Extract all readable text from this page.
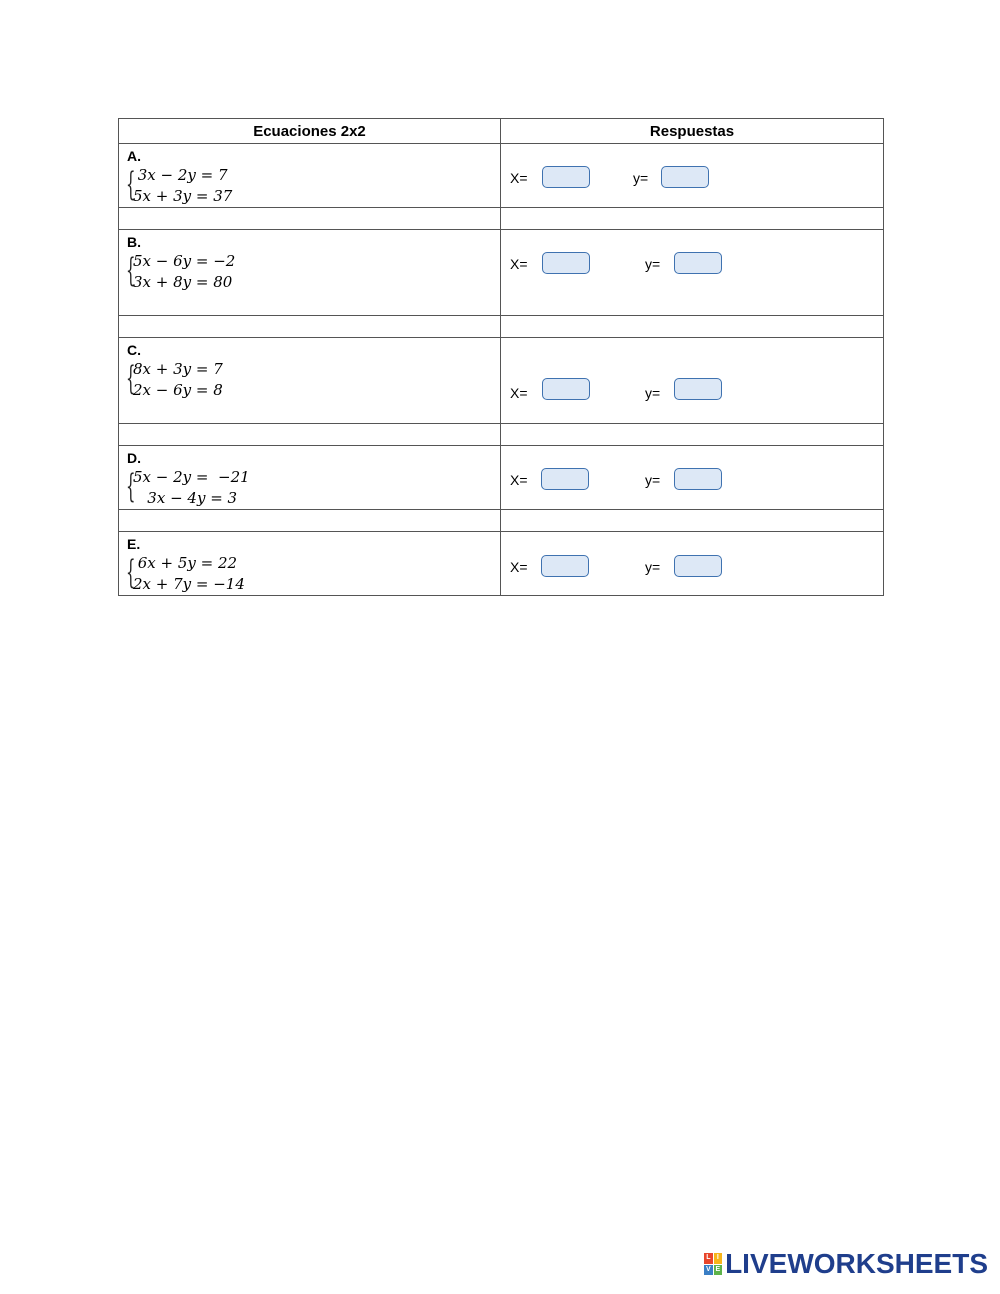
Ecuaciones 2x2	Respuestas

A.
{
3𝑥 − 2𝑦 = 7
5𝑥 + 3𝑦 = 37	X= y=

B.
{
5𝑥 − 6𝑦 = −2
3𝑥 + 8𝑦 = 80	X= y=

C.
{
8𝑥 + 3𝑦 = 7
2𝑥 − 6𝑦 = 8	X= y=

D.
{
5𝑥 − 2𝑦 =  −21
3𝑥 − 4𝑦 = 3	X= y=

E.
{
6𝑥 + 5𝑦 = 22
2𝑥 + 7𝑦 = −14	X= y=
L I
V E LIVEWORKSHEETS
